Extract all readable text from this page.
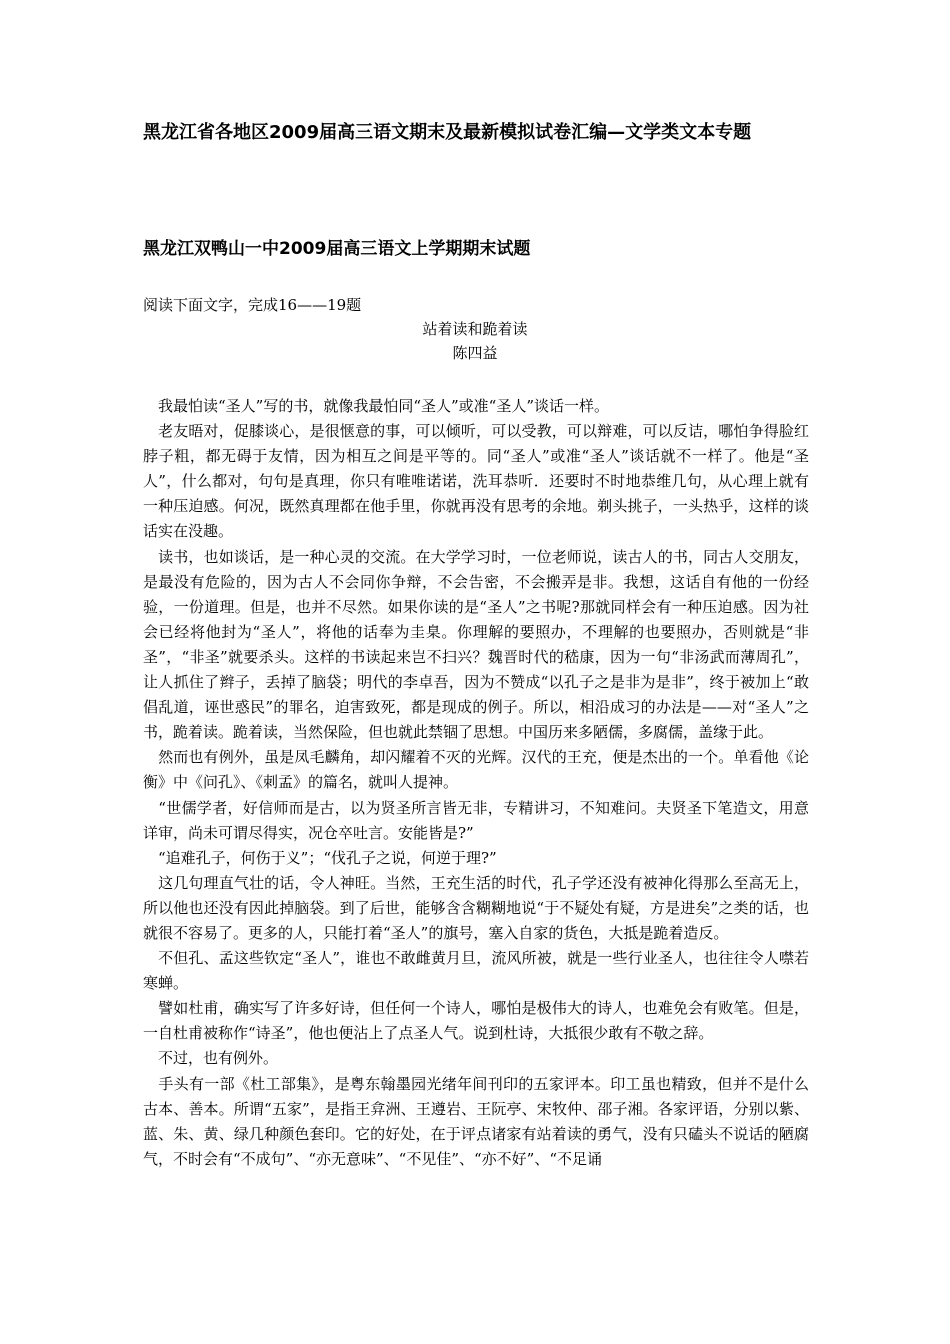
黑龙江省各地区2009届高三语文期末及最新模拟试卷汇编—文学类文本专题
黑龙江双鸭山一中2009届高三语文上学期期末试题
阅读下面文字，完成16——19题
站着读和跪着读
陈四益

　我最怕读“圣人”写的书，就像我最怕同“圣人”或准“圣人”谈话一样。

　老友晤对，促膝谈心，是很惬意的事，可以倾听，可以受教，可以辩难，可以反诘，哪怕争得脸红脖子粗，都无碍于友情，因为相互之间是平等的。同“圣人”或准“圣人”谈话就不一样了。他是“圣人”，什么都对，句句是真理，你只有唯唯诺诺，洗耳恭听．还要时不时地恭维几句，从心理上就有一种压迫感。何况，既然真理都在他手里，你就再没有思考的余地。剃头挑子，一头热乎，这样的谈话实在没趣。

　读书，也如谈话，是一种心灵的交流。在大学学习时，一位老师说，读古人的书，同古人交朋友，是最没有危险的，因为古人不会同你争辩，不会告密，不会搬弄是非。我想，这话自有他的一份经验，一份道理。但是，也并不尽然。如果你读的是“圣人”之书呢?那就同样会有一种压迫感。因为社会已经将他封为“圣人”，将他的话奉为圭臬。你理解的要照办，不理解的也要照办，否则就是“非圣”，“非圣”就要杀头。这样的书读起来岂不扫兴？魏晋时代的嵇康，因为一句“非汤武而薄周孔”，让人抓住了辫子，丢掉了脑袋；明代的李卓吾，因为不赞成“以孔子之是非为是非”，终于被加上“敢倡乱道，诬世惑民”的罪名，迫害致死，都是现成的例子。所以，相沿成习的办法是——对“圣人”之书，跪着读。跪着读，当然保险，但也就此禁锢了思想。中国历来多陋儒，多腐儒，盖缘于此。

　然而也有例外，虽是凤毛麟角，却闪耀着不灭的光辉。汉代的王充，便是杰出的一个。单看他《论衡》中《问孔》、《刺孟》的篇名，就叫人提神。

　“世儒学者，好信师而是古，以为贤圣所言皆无非，专精讲习，不知难问。夫贤圣下笔造文，用意详审，尚未可谓尽得实，况仓卒吐言。安能皆是?”

　“追难孔子，何伤于义”；“伐孔子之说，何逆于理?”

　这几句理直气壮的话，令人神旺。当然，王充生活的时代，孔子学还没有被神化得那么至高无上，所以他也还没有因此掉脑袋。到了后世，能够含含糊糊地说“于不疑处有疑，方是进矣”之类的话，也就很不容易了。更多的人，只能打着“圣人”的旗号，塞入自家的货色，大抵是跪着造反。

　不但孔、孟这些钦定“圣人”，谁也不敢雌黄月旦，流风所被，就是一些行业圣人，也往往令人噤若寒蝉。

　譬如杜甫，确实写了许多好诗，但任何一个诗人，哪怕是极伟大的诗人，也难免会有败笔。但是，一自杜甫被称作“诗圣”，他也便沾上了点圣人气。说到杜诗，大抵很少敢有不敬之辞。

　不过，也有例外。

　手头有一部《杜工部集》，是粤东翰墨园光绪年间刊印的五家评本。印工虽也精致，但并不是什么古本、善本。所谓“五家”，是指王弇洲、王遵岩、王阮亭、宋牧仲、邵子湘。各家评语，分别以紫、蓝、朱、黄、绿几种颜色套印。它的好处，在于评点诸家有站着读的勇气，没有只磕头不说话的陋腐气，不时会有“不成句”、“亦无意味”、“不见佳”、“亦不好”、“不足诵
